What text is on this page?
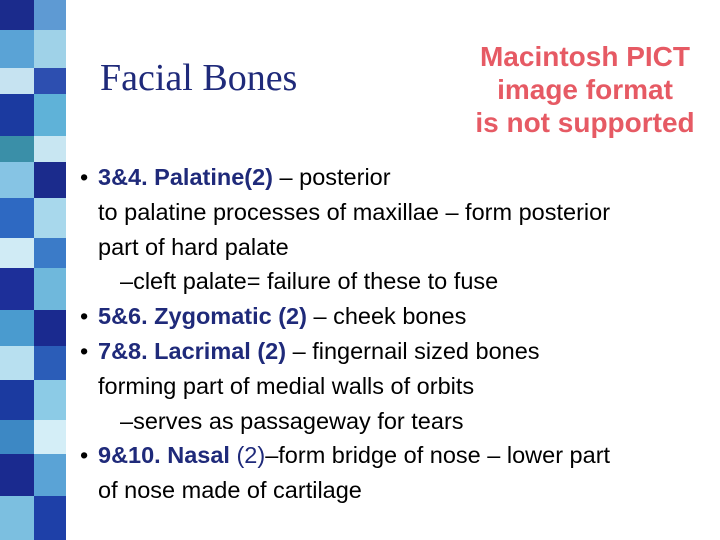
Facial Bones
Macintosh PICT
image format
is not supported
• 3&4. Palatine(2) – posterior
to palatine processes of maxillae – form posterior
part of hard palate
–cleft palate= failure of these to fuse
• 5&6. Zygomatic (2) – cheek bones
• 7&8. Lacrimal (2) – fingernail sized bones
forming part of medial walls of orbits
–serves as passageway for tears
• 9&10. Nasal (2)–form bridge of nose – lower part
of nose made of cartilage
